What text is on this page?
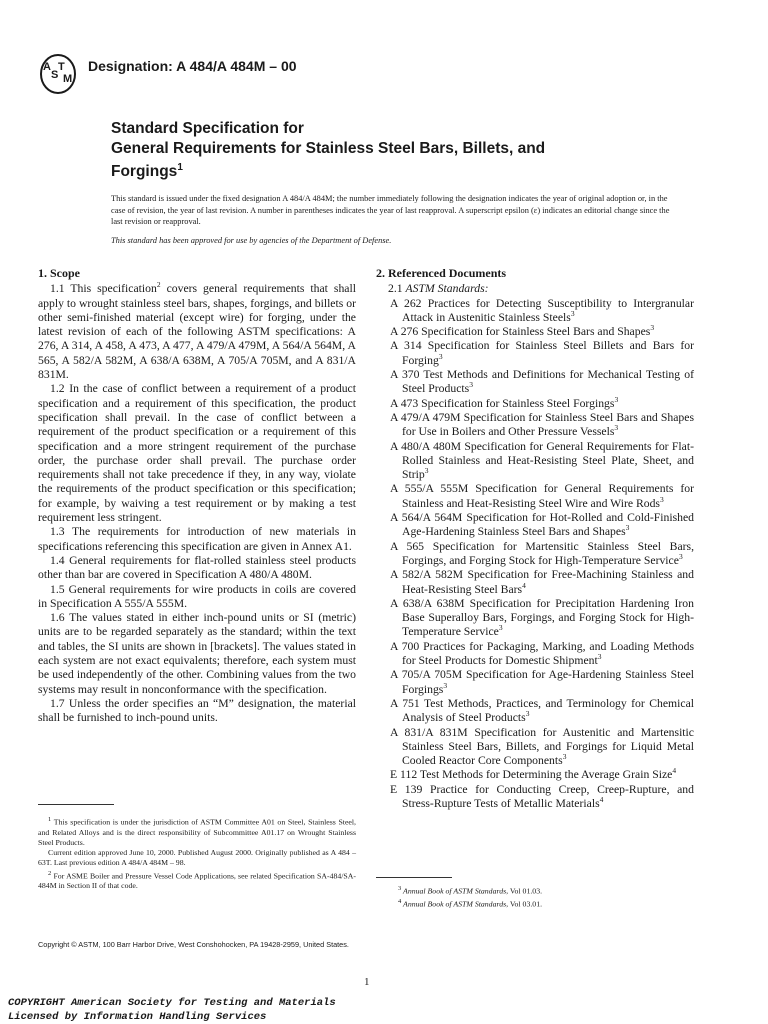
A
S
T
M
Designation: A 484/A 484M – 00
Standard Specification for
General Requirements for Stainless Steel Bars, Billets, and
Forgings$^1$
This standard is issued under the fixed designation A 484/A 484M; the number immediately following the designation indicates the year of original adoption or, in the case of revision, the year of last revision. A number in parentheses indicates the year of last reapproval. A superscript epsilon (ε) indicates an editorial change since the last revision or reapproval.
This standard has been approved for use by agencies of the Department of Defense.
1. Scope

1.1 This specification$^2$ covers general requirements that shall apply to wrought stainless steel bars, shapes, forgings, and billets or other semi-finished material (except wire) for forging, under the latest revision of each of the following ASTM specifications: A 276, A 314, A 458, A 473, A 477, A 479/A 479M, A 564/A 564M, A 565, A 582/A 582M, A 638/A 638M, A 705/A 705M, and A 831/A 831M.

1.2 In the case of conflict between a requirement of a product specification and a requirement of this specification, the product specification shall prevail. In the case of conflict between a requirement of the product specification or a requirement of this specification and a more stringent requirement of the purchase order, the purchase order shall prevail. The purchase order requirements shall not take precedence if they, in any way, violate the requirements of the product specification or this specification; for example, by waiving a test requirement or by making a test requirement less stringent.

1.3 The requirements for introduction of new materials in specifications referencing this specification are given in Annex A1.

1.4 General requirements for flat-rolled stainless steel products other than bar are covered in Specification A 480/A 480M.

1.5 General requirements for wire products in coils are covered in Specification A 555/A 555M.

1.6 The values stated in either inch-pound units or SI (metric) units are to be regarded separately as the standard; within the text and tables, the SI units are shown in [brackets]. The values stated in each system are not exact equivalents; therefore, each system must be used independently of the other. Combining values from the two systems may result in nonconformance with the specification.

1.7 Unless the order specifies an “M” designation, the material shall be furnished to inch-pound units.

2. Referenced Documents

2.1 ASTM Standards:

A 262 Practices for Detecting Susceptibility to Intergranular Attack in Austenitic Stainless Steels$^3$
A 276 Specification for Stainless Steel Bars and Shapes$^3$
A 314 Specification for Stainless Steel Billets and Bars for Forging$^3$
A 370 Test Methods and Definitions for Mechanical Testing of Steel Products$^3$
A 473 Specification for Stainless Steel Forgings$^3$
A 479/A 479M Specification for Stainless Steel Bars and Shapes for Use in Boilers and Other Pressure Vessels$^3$
A 480/A 480M Specification for General Requirements for Flat-Rolled Stainless and Heat-Resisting Steel Plate, Sheet, and Strip$^3$
A 555/A 555M Specification for General Requirements for Stainless and Heat-Resisting Steel Wire and Wire Rods$^3$
A 564/A 564M Specification for Hot-Rolled and Cold-Finished Age-Hardening Stainless Steel Bars and Shapes$^3$
A 565 Specification for Martensitic Stainless Steel Bars, Forgings, and Forging Stock for High-Temperature Service$^3$
A 582/A 582M Specification for Free-Machining Stainless and Heat-Resisting Steel Bars$^4$
A 638/A 638M Specification for Precipitation Hardening Iron Base Superalloy Bars, Forgings, and Forging Stock for High-Temperature Service$^3$
A 700 Practices for Packaging, Marking, and Loading Methods for Steel Products for Domestic Shipment$^3$
A 705/A 705M Specification for Age-Hardening Stainless Steel Forgings$^3$
A 751 Test Methods, Practices, and Terminology for Chemical Analysis of Steel Products$^3$
A 831/A 831M Specification for Austenitic and Martensitic Stainless Steel Bars, Billets, and Forgings for Liquid Metal Cooled Reactor Core Components$^3$
E 112 Test Methods for Determining the Average Grain Size$^4$
E 139 Practice for Conducting Creep, Creep-Rupture, and Stress-Rupture Tests of Metallic Materials$^4$

$^1$ This specification is under the jurisdiction of ASTM Committee A01 on Steel, Stainless Steel, and Related Alloys and is the direct responsibility of Subcommittee A01.17 on Wrought Stainless Steel Products.

Current edition approved June 10, 2000. Published August 2000. Originally published as A 484 – 63T. Last previous edition A 484/A 484M – 98.

$^2$ For ASME Boiler and Pressure Vessel Code Applications, see related Specification SA-484/SA-484M in Section II of that code.	$^3$ Annual Book of ASTM Standards, Vol 01.03.

$^4$ Annual Book of ASTM Standards, Vol 03.01.

Copyright © ASTM, 100 Barr Harbor Drive, West Conshohocken, PA 19428-2959, United States.
1
COPYRIGHT American Society for Testing and Materials
Licensed by Information Handling Services
